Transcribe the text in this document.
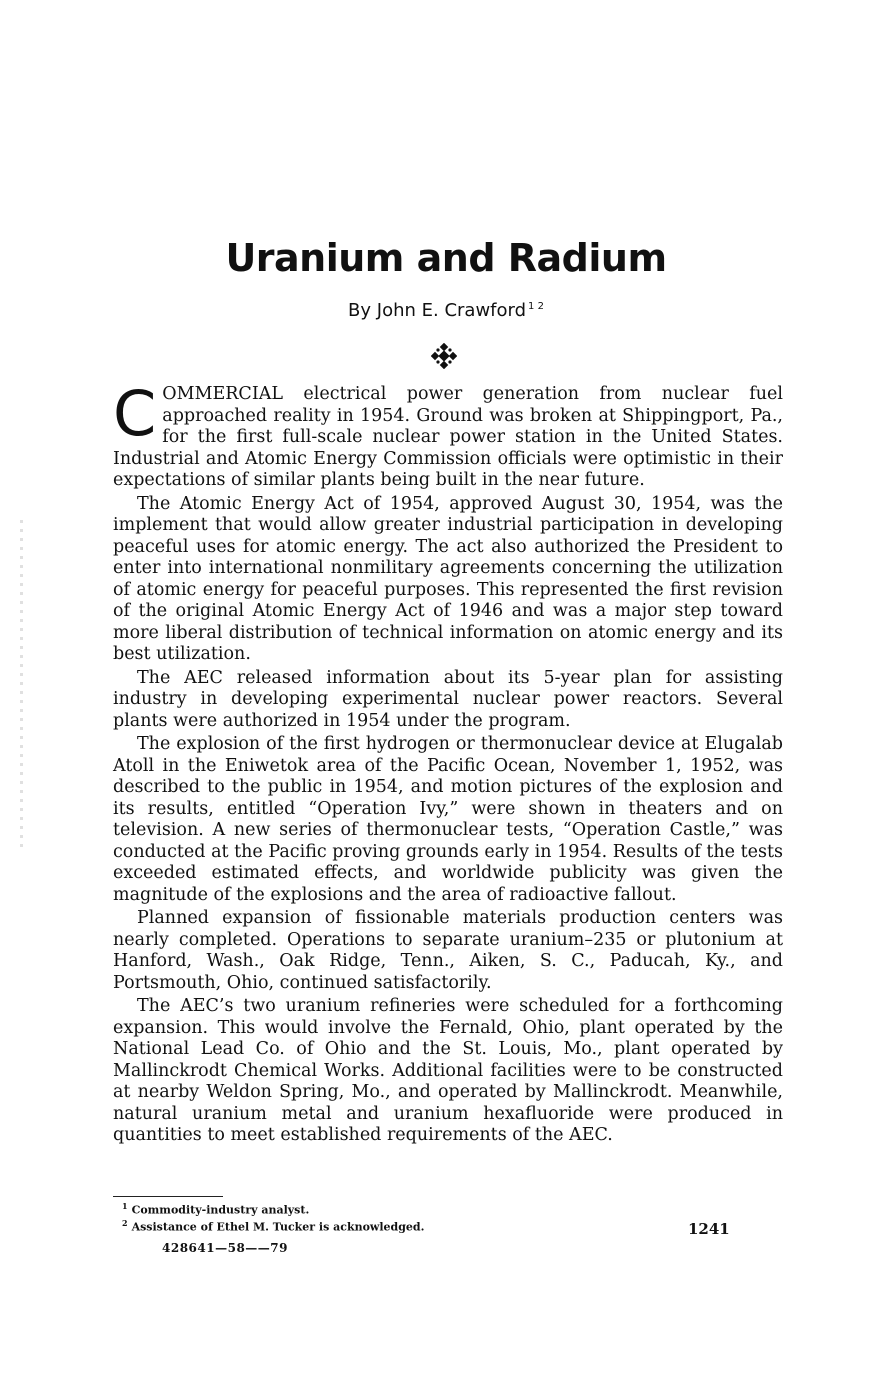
Uranium and Radium
By John E. Crawford $^{1 2}$

COMMERCIAL electrical power generation from nuclear fuel approached reality in 1954. Ground was broken at Shippingport, Pa., for the first full-scale nuclear power station in the United States. Industrial and Atomic Energy Commission officials were optimistic in their expectations of similar plants being built in the near future.

The Atomic Energy Act of 1954, approved August 30, 1954, was the implement that would allow greater industrial participation in developing peaceful uses for atomic energy. The act also authorized the President to enter into international nonmilitary agreements concerning the utilization of atomic energy for peaceful purposes. This represented the first revision of the original Atomic Energy Act of 1946 and was a major step toward more liberal distribution of technical information on atomic energy and its best utilization.

The AEC released information about its 5-year plan for assisting industry in developing experimental nuclear power reactors. Several plants were authorized in 1954 under the program.

The explosion of the first hydrogen or thermonuclear device at Elugalab Atoll in the Eniwetok area of the Pacific Ocean, November 1, 1952, was described to the public in 1954, and motion pictures of the explosion and its results, entitled “Operation Ivy,” were shown in theaters and on television. A new series of thermonuclear tests, “Operation Castle,” was conducted at the Pacific proving grounds early in 1954. Results of the tests exceeded estimated effects, and worldwide publicity was given the magnitude of the explosions and the area of radioactive fallout.

Planned expansion of fissionable materials production centers was nearly completed. Operations to separate uranium–235 or plutonium at Hanford, Wash., Oak Ridge, Tenn., Aiken, S. C., Paducah, Ky., and Portsmouth, Ohio, continued satisfactorily.

The AEC’s two uranium refineries were scheduled for a forthcoming expansion. This would involve the Fernald, Ohio, plant operated by the National Lead Co. of Ohio and the St. Louis, Mo., plant operated by Mallinckrodt Chemical Works. Additional facilities were to be constructed at nearby Weldon Spring, Mo., and operated by Mallinckrodt. Meanwhile, natural uranium metal and uranium hexafluoride were produced in quantities to meet established requirements of the AEC.

$^1$ Commodity-industry analyst.
$^2$ Assistance of Ethel M. Tucker is acknowledged.	1241
428641—58——79
